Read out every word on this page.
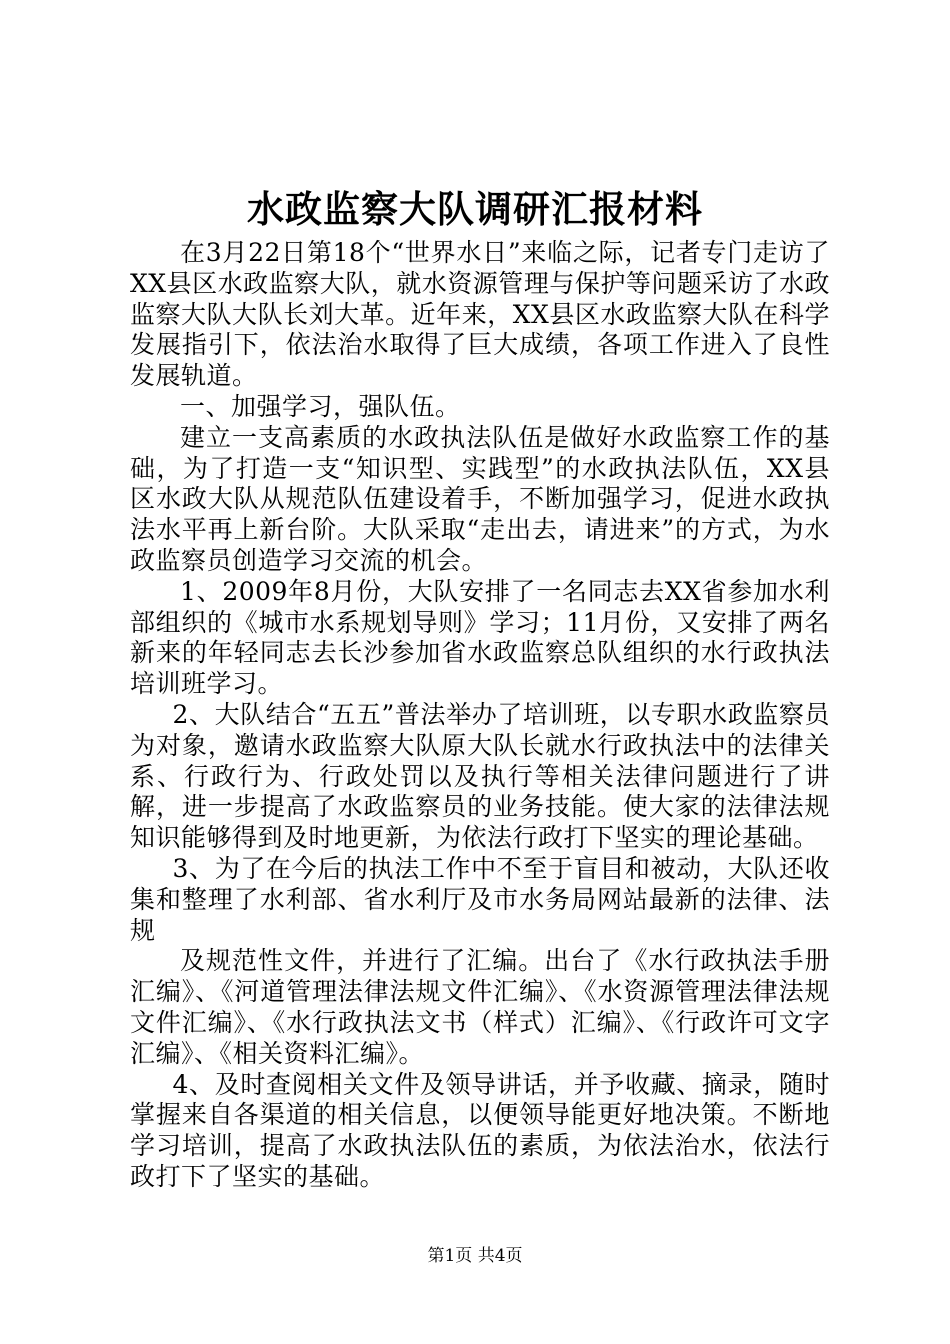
水政监察大队调研汇报材料

在3月22日第18个“世界水日”来临之际，记者专门走访了XX县区水政监察大队，就水资源管理与保护等问题采访了水政监察大队大队长刘大革。近年来，XX县区水政监察大队在科学发展指引下，依法治水取得了巨大成绩，各项工作进入了良性发展轨道。

一、加强学习，强队伍。

建立一支高素质的水政执法队伍是做好水政监察工作的基础，为了打造一支“知识型、实践型”的水政执法队伍，XX县区水政大队从规范队伍建设着手，不断加强学习，促进水政执法水平再上新台阶。大队采取“走出去，请进来”的方式，为水政监察员创造学习交流的机会。

1、2009年8月份，大队安排了一名同志去XX省参加水利部组织的《城市水系规划导则》学习；11月份，又安排了两名新来的年轻同志去长沙参加省水政监察总队组织的水行政执法培训班学习。

2、大队结合“五五”普法举办了培训班，以专职水政监察员为对象，邀请水政监察大队原大队长就水行政执法中的法律关系、行政行为、行政处罚以及执行等相关法律问题进行了讲解，进一步提高了水政监察员的业务技能。使大家的法律法规知识能够得到及时地更新，为依法行政打下坚实的理论基础。

3、为了在今后的执法工作中不至于盲目和被动，大队还收集和整理了水利部、省水利厅及市水务局网站最新的法律、法规

及规范性文件，并进行了汇编。出台了《水行政执法手册汇编》、《河道管理法律法规文件汇编》、《水资源管理法律法规文件汇编》、《水行政执法文书（样式）汇编》、《行政许可文字汇编》、《相关资料汇编》。

4、及时查阅相关文件及领导讲话，并予收藏、摘录，随时掌握来自各渠道的相关信息，以便领导能更好地决策。不断地学习培训，提高了水政执法队伍的素质，为依法治水，依法行政打下了坚实的基础。

第1页 共4页
